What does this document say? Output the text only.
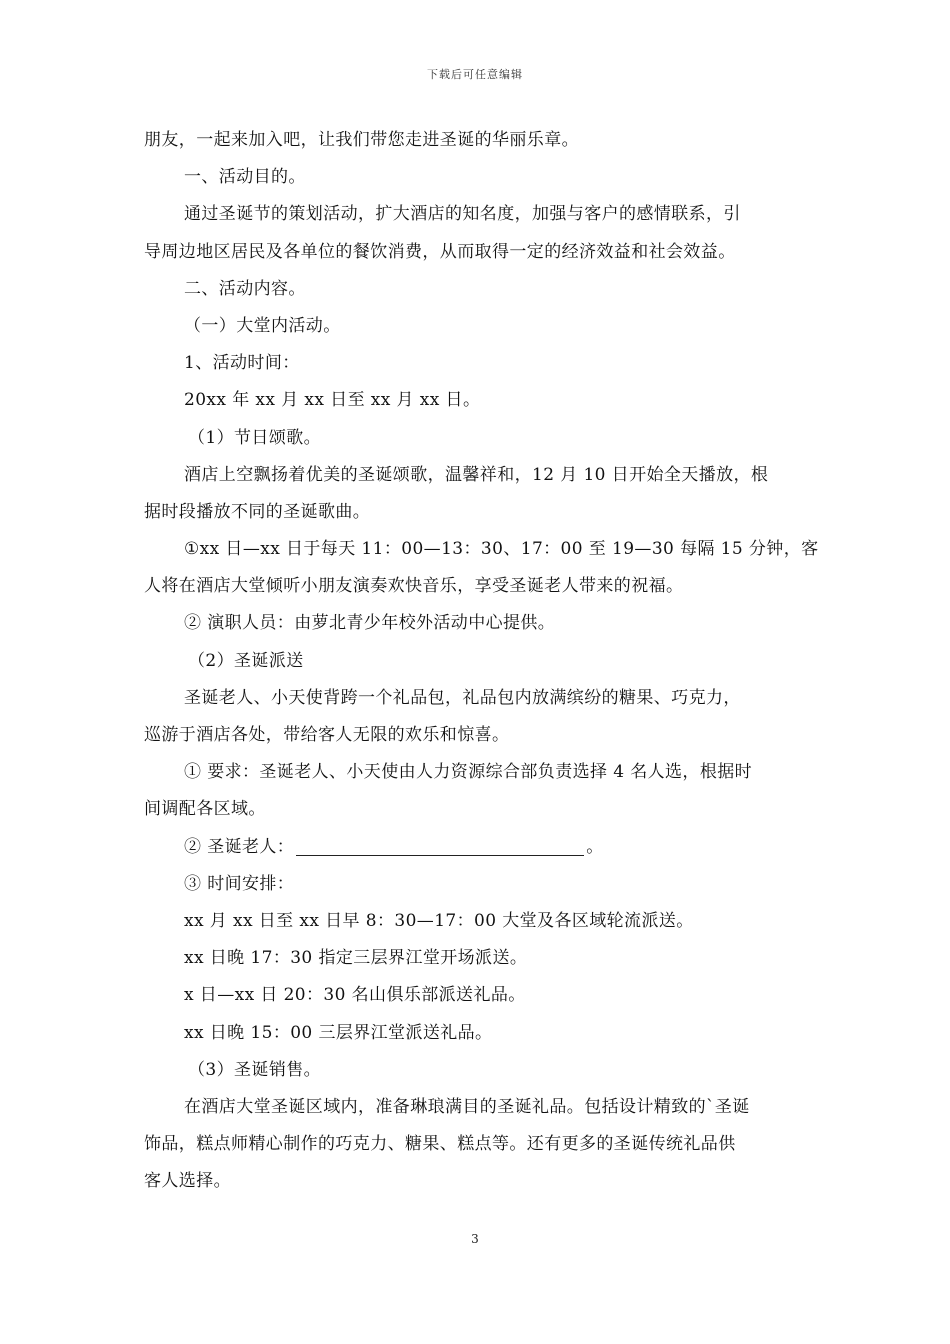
下载后可任意编辑
朋友，一起来加入吧，让我们带您走进圣诞的华丽乐章。
一、活动目的。
通过圣诞节的策划活动，扩大酒店的知名度，加强与客户的感情联系，引
导周边地区居民及各单位的餐饮消费，从而取得一定的经济效益和社会效益。
二、活动内容。
（一）大堂内活动。
1、活动时间：
20xx 年 xx 月 xx 日至 xx 月 xx 日。
（1）节日颂歌。
酒店上空飘扬着优美的圣诞颂歌，温馨祥和，12 月 10 日开始全天播放，根
据时段播放不同的圣诞歌曲。
①xx 日—xx 日于每天 11：00—13：30、17：00 至 19—30 每隔 15 分钟，客
人将在酒店大堂倾听小朋友演奏欢快音乐，享受圣诞老人带来的祝福。
② 演职人员：由萝北青少年校外活动中心提供。
（2）圣诞派送
圣诞老人、小天使背跨一个礼品包，礼品包内放满缤纷的糖果、巧克力，
巡游于酒店各处，带给客人无限的欢乐和惊喜。
① 要求：圣诞老人、小天使由人力资源综合部负责选择 4 名人选，根据时
间调配各区域。
② 圣诞老人：	。
③ 时间安排：
xx 月 xx 日至 xx 日早 8：30—17：00 大堂及各区域轮流派送。
xx 日晚 17：30 指定三层界江堂开场派送。
x 日—xx 日 20：30 名山俱乐部派送礼品。
xx 日晚 15：00 三层界江堂派送礼品。
（3）圣诞销售。
在酒店大堂圣诞区域内，准备琳琅满目的圣诞礼品。包括设计精致的`圣诞
饰品，糕点师精心制作的巧克力、糖果、糕点等。还有更多的圣诞传统礼品供
客人选择。
3
